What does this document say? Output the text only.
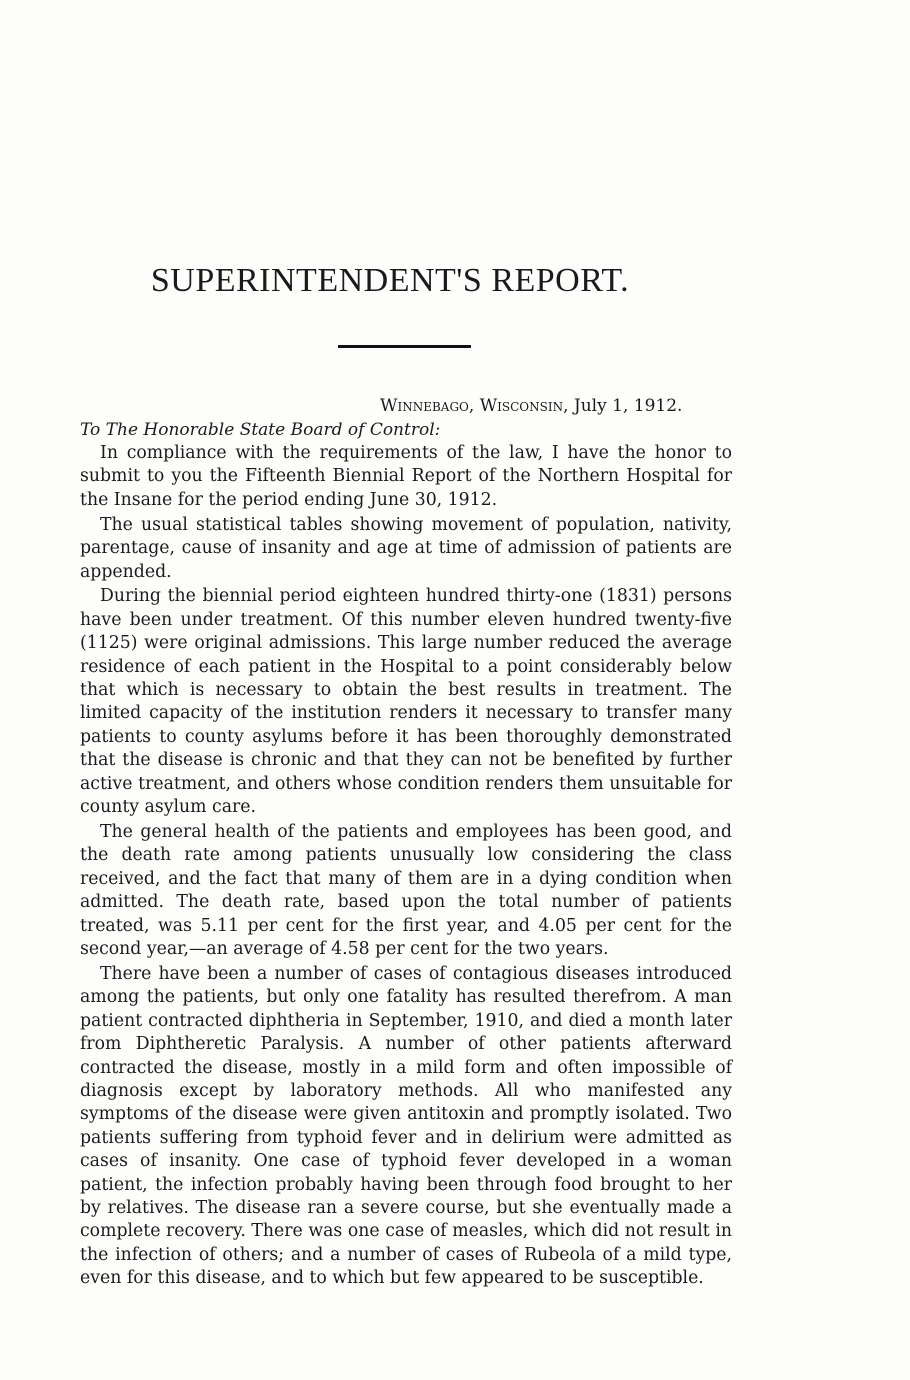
SUPERINTENDENT'S REPORT.
Winnebago, Wisconsin, July 1, 1912.
To The Honorable State Board of Control:

In compliance with the requirements of the law, I have the honor to submit to you the Fifteenth Biennial Report of the Northern Hospital for the Insane for the period ending June 30, 1912.

The usual statistical tables showing movement of population, nativity, parentage, cause of insanity and age at time of admission of patients are appended.

During the biennial period eighteen hundred thirty-one (1831) persons have been under treatment. Of this number eleven hundred twenty-five (1125) were original admissions. This large number reduced the average residence of each patient in the Hospital to a point considerably below that which is necessary to obtain the best results in treatment. The limited capacity of the institution renders it necessary to transfer many patients to county asylums before it has been thoroughly demonstrated that the disease is chronic and that they can not be benefited by further active treatment, and others whose condition renders them unsuitable for county asylum care.

The general health of the patients and employees has been good, and the death rate among patients unusually low considering the class received, and the fact that many of them are in a dying condition when admitted. The death rate, based upon the total number of patients treated, was 5.11 per cent for the first year, and 4.05 per cent for the second year,—an average of 4.58 per cent for the two years.

There have been a number of cases of contagious diseases introduced among the patients, but only one fatality has resulted therefrom. A man patient contracted diphtheria in September, 1910, and died a month later from Diphtheretic Paralysis. A number of other patients afterward contracted the disease, mostly in a mild form and often impossible of diagnosis except by laboratory methods. All who manifested any symptoms of the disease were given antitoxin and promptly isolated. Two patients suffering from typhoid fever and in delirium were admitted as cases of insanity. One case of typhoid fever developed in a woman patient, the infection probably having been through food brought to her by relatives. The disease ran a severe course, but she eventually made a complete recovery. There was one case of measles, which did not result in the infection of others; and a number of cases of Rubeola of a mild type, even for this disease, and to which but few appeared to be susceptible.
